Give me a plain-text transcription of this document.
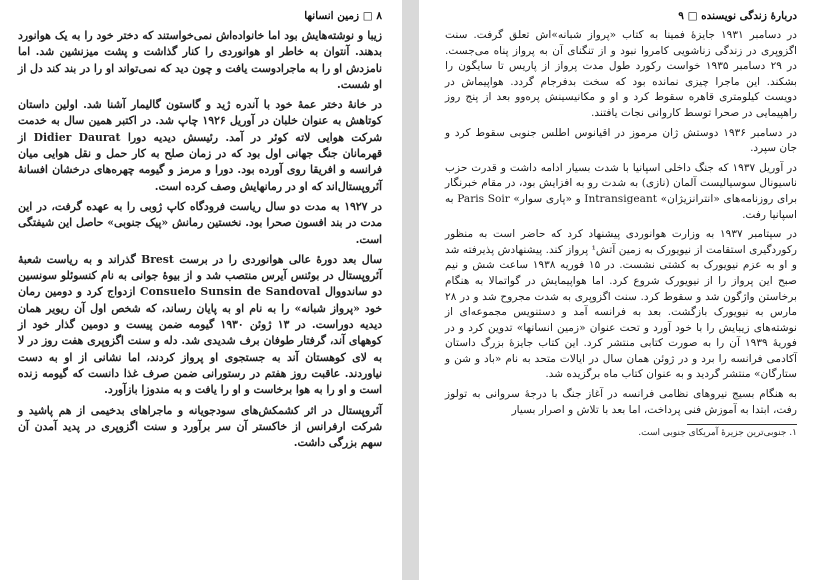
۸ □ زمین انسانها

زیبا و نوشته‌هایش بود اما خانواده‌اش نمی‌خواستند که دختر خود را به یک هوانورد بدهند. آنتوان به خاطر او هوانوردی را کنار گذاشت و پشت میزنشین شد. اما نامزدش او را به ماجرادوست یافت و چون دید که نمی‌تواند او را در بند کند دل از او شست.

در خانهٔ دختر عمهٔ خود با آندره ژید و گاستون گالیمار آشنا شد. اولین داستان کوتاهش به عنوان خلبان در آوریل ۱۹۲۶ چاپ شد. در اکتبر همین سال به خدمت شرکت هوایی لاته کوئر در آمد. رئیسش دیدیه دورا Didier Daurat از قهرمانان جنگ جهانی اول بود که در زمان صلح به کار حمل و نقل هوایی میان فرانسه و افریقا روی آورده بود. دورا و مرمز و گیومه چهره‌های درخشان افسانهٔ آئروپستال‌اند که او در رمانهایش وصف کرده است.

در ۱۹۲۷ به مدت دو سال ریاست فرودگاه کاپ ژوبی را به عهده گرفت، در این مدت در بند افسون صحرا بود. نخستین رمانش «پیک جنوبی» حاصل این شیفتگی است.

سال بعد دورهٔ عالی هوانوردی را در برست Brest گذراند و به ریاست شعبهٔ آئروپستال در بوئنس آیرس منتصب شد و از بیوهٔ جوانی به نام کنسوئلو سونسین دو ساندووال Consuelo Sunsin de Sandoval ازدواج کرد و دومین رمان خود «پرواز شبانه» را به نام او به پایان رساند، که شخص اول آن ریویر همان دیدیه دوراست. در ۱۳ ژوئن ۱۹۳۰ گیومه ضمن پیست و دومین گذار خود از کوههای آند، گرفتار طوفان برف شدیدی شد. دله و سنت اگزوپری هفت روز در لا به لای کوهستان آند به جستجوی او پرواز کردند، اما نشانی از او به دست نیاوردند. عاقبت روز هفتم در رستورانی ضمن صرف غذا دانست که گیومه زنده است و او را به هوا برخاست و او را یافت و به مندوزا بازآورد.

آئروپستال در اثر کشمکش‌های سودجویانه و ماجراهای بدخیمی از هم پاشید و شرکت ارفرانس از خاکستر آن سر برآورد و سنت اگزوپری در پدید آمدن آن سهم بزرگی داشت.

دربارهٔ زندگی نویسنده □ ۹

در دسامبر ۱۹۳۱ جایزهٔ فمینا به کتاب «پرواز شبانه»اش تعلق گرفت. سنت اگزوپری در زندگی زناشویی کامروا نبود و از تنگنای آن به پرواز پناه می‌جست. در ۲۹ دسامبر ۱۹۳۵ خواست رکورد طول مدت پرواز از پاریس تا سایگون را بشکند. این ماجرا چیزی نمانده بود که سخت بدفرجام گردد. هواپیماش در دویست کیلومتری قاهره سقوط کرد و او و مکانیسینش پره‌وو بعد از پنج روز راهپیمایی در صحرا توسط کاروانی نجات یافتند.

در دسامبر ۱۹۳۶ دوستش ژان مرموز در اقیانوس اطلس جنوبی سقوط کرد و جان سپرد.

در آوریل ۱۹۳۷ که جنگ داخلی اسپانیا با شدت بسیار ادامه داشت و قدرت حزب ناسیونال سوسیالیست آلمان (نازی) به شدت رو به افزایش بود، در مقام خبرنگار برای روزنامه‌های «انترانزیژان» Intransigeant و «پاری سوار» Paris Soir به اسپانیا رفت.

در سپتامبر ۱۹۳۷ به وزارت هوانوردی پیشنهاد کرد که حاضر است به منظور رکوردگیری استقامت از نیویورک به زمین آتش¹ پرواز کند. پیشنهادش پذیرفته شد و او به عزم نیویورک به کشتی نشست. در ۱۵ فوریه ۱۹۳۸ ساعت شش و نیم صبح این پرواز را از نیویورک شروع کرد. اما هواپیمایش در گواتمالا به هنگام برخاستن واژگون شد و سقوط کرد. سنت اگزوپری به شدت مجروح شد و در ۲۸ مارس به نیویورک بازگشت. بعد به فرانسه آمد و دستنویس مجموعه‌ای از نوشته‌های زیبایش را با خود آورد و تحت عنوان «زمین انسانها» تدوین کرد و در فوریهٔ ۱۹۳۹ آن را به صورت کتابی منتشر کرد. این کتاب جایزهٔ بزرگ داستان آکادمی فرانسه را برد و در ژوئن همان سال در ایالات متحد به نام «باد و شن و ستارگان» منتشر گردید و به عنوان کتاب ماه برگزیده شد.

به هنگام بسیج نیروهای نظامی فرانسه در آغاز جنگ با درجهٔ سروانی به تولوز رفت، ابتدا به آموزش فنی پرداخت، اما بعد با تلاش و اصرار بسیار

۱. جنوبی‌ترین جزیرهٔ آمریکای جنوبی است.
